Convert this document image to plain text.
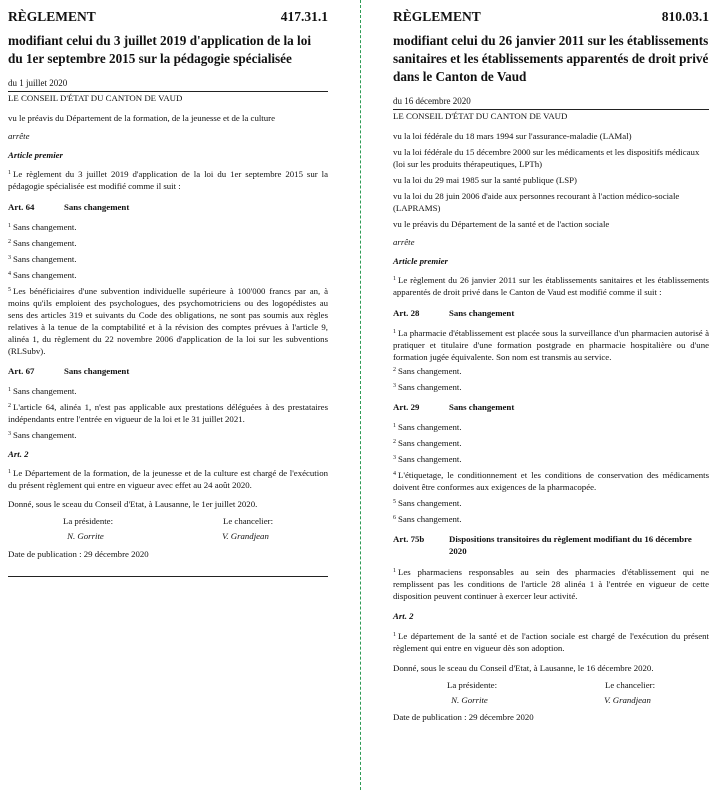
RÈGLEMENT	417.31.1
modifiant celui du 3 juillet 2019 d'application de la loi du 1er septembre 2015 sur la pédagogie spécialisée
du 1 juillet 2020

LE CONSEIL D'ÉTAT DU CANTON DE VAUD

vu le préavis du Département de la formation, de la jeunesse et de la culture

arrête

Article premier

$^1$ Le règlement du 3 juillet 2019 d'application de la loi du 1er septembre 2015 sur la pédagogie spécialisée est modifié comme il suit :

Art. 64	Sans changement

$^1$ Sans changement.

$^2$ Sans changement.

$^3$ Sans changement.

$^4$ Sans changement.

$^5$ Les bénéficiaires d'une subvention individuelle supérieure à 100'000 francs par an, à moins qu'ils emploient des psychologues, des psychomotriciens ou des logopédistes au sens des articles 319 et suivants du Code des obligations, ne sont pas soumis aux règles relatives à la tenue de la comptabilité et à la révision des comptes prévues à l'article 9, alinéa 1, du règlement du 22 novembre 2006 d'application de la loi sur les subventions (RLSubv).

Art. 67	Sans changement

$^1$ Sans changement.

$^2$ L'article 64, alinéa 1, n'est pas applicable aux prestations déléguées à des prestataires indépendants entre l'entrée en vigueur de la loi et le 31 juillet 2021.

$^3$ Sans changement.

Art. 2

$^1$ Le Département de la formation, de la jeunesse et de la culture est chargé de l'exécution du présent règlement qui entre en vigueur avec effet au 24 août 2020.

Donné, sous le sceau du Conseil d'Etat, à Lausanne, le 1er juillet 2020.

La présidente:	Le chancelier:
N. Gorrite	V. Grandjean

Date de publication : 29 décembre 2020

RÈGLEMENT	810.03.1
modifiant celui du 26 janvier 2011 sur les établissements sanitaires et les établissements apparentés de droit privé dans le Canton de Vaud
du 16 décembre 2020

LE CONSEIL D'ÉTAT DU CANTON DE VAUD

vu la loi fédérale du 18 mars 1994 sur l'assurance-maladie (LAMal)

vu la loi fédérale du 15 décembre 2000 sur les médicaments et les dispositifs médicaux (loi sur les produits thérapeutiques, LPTh)

vu la loi du 29 mai 1985 sur la santé publique (LSP)

vu la loi du 28 juin 2006 d'aide aux personnes recourant à l'action médico-sociale (LAPRAMS)

vu le préavis du Département de la santé et de l'action sociale

arrête

Article premier

$^1$ Le règlement du 26 janvier 2011 sur les établissements sanitaires et les établissements apparentés de droit privé dans le Canton de Vaud est modifié comme il suit :

Art. 28	Sans changement

$^1$ La pharmacie d'établissement est placée sous la surveillance d'un pharmacien autorisé à pratiquer et titulaire d'une formation postgrade en pharmacie hospitalière ou d'une formation jugée équivalente. Son nom est transmis au service.

$^2$ Sans changement.

$^3$ Sans changement.

Art. 29	Sans changement

$^1$ Sans changement.

$^2$ Sans changement.

$^3$ Sans changement.

$^4$ L'étiquetage, le conditionnement et les conditions de conservation des médicaments doivent être conformes aux exigences de la pharmacopée.

$^5$ Sans changement.

$^6$ Sans changement.

Art. 75b	Dispositions transitoires du règlement modifiant du 16 décembre 2020

$^1$ Les pharmaciens responsables au sein des pharmacies d'établissement qui ne remplissent pas les conditions de l'article 28 alinéa 1 à l'entrée en vigueur de cette disposition peuvent continuer à exercer leur activité.

Art. 2

$^1$ Le département de la santé et de l'action sociale est chargé de l'exécution du présent règlement qui entre en vigueur dès son adoption.

Donné, sous le sceau du Conseil d'Etat, à Lausanne, le 16 décembre 2020.

La présidente:	Le chancelier:
N. Gorrite	V. Grandjean

Date de publication : 29 décembre 2020
